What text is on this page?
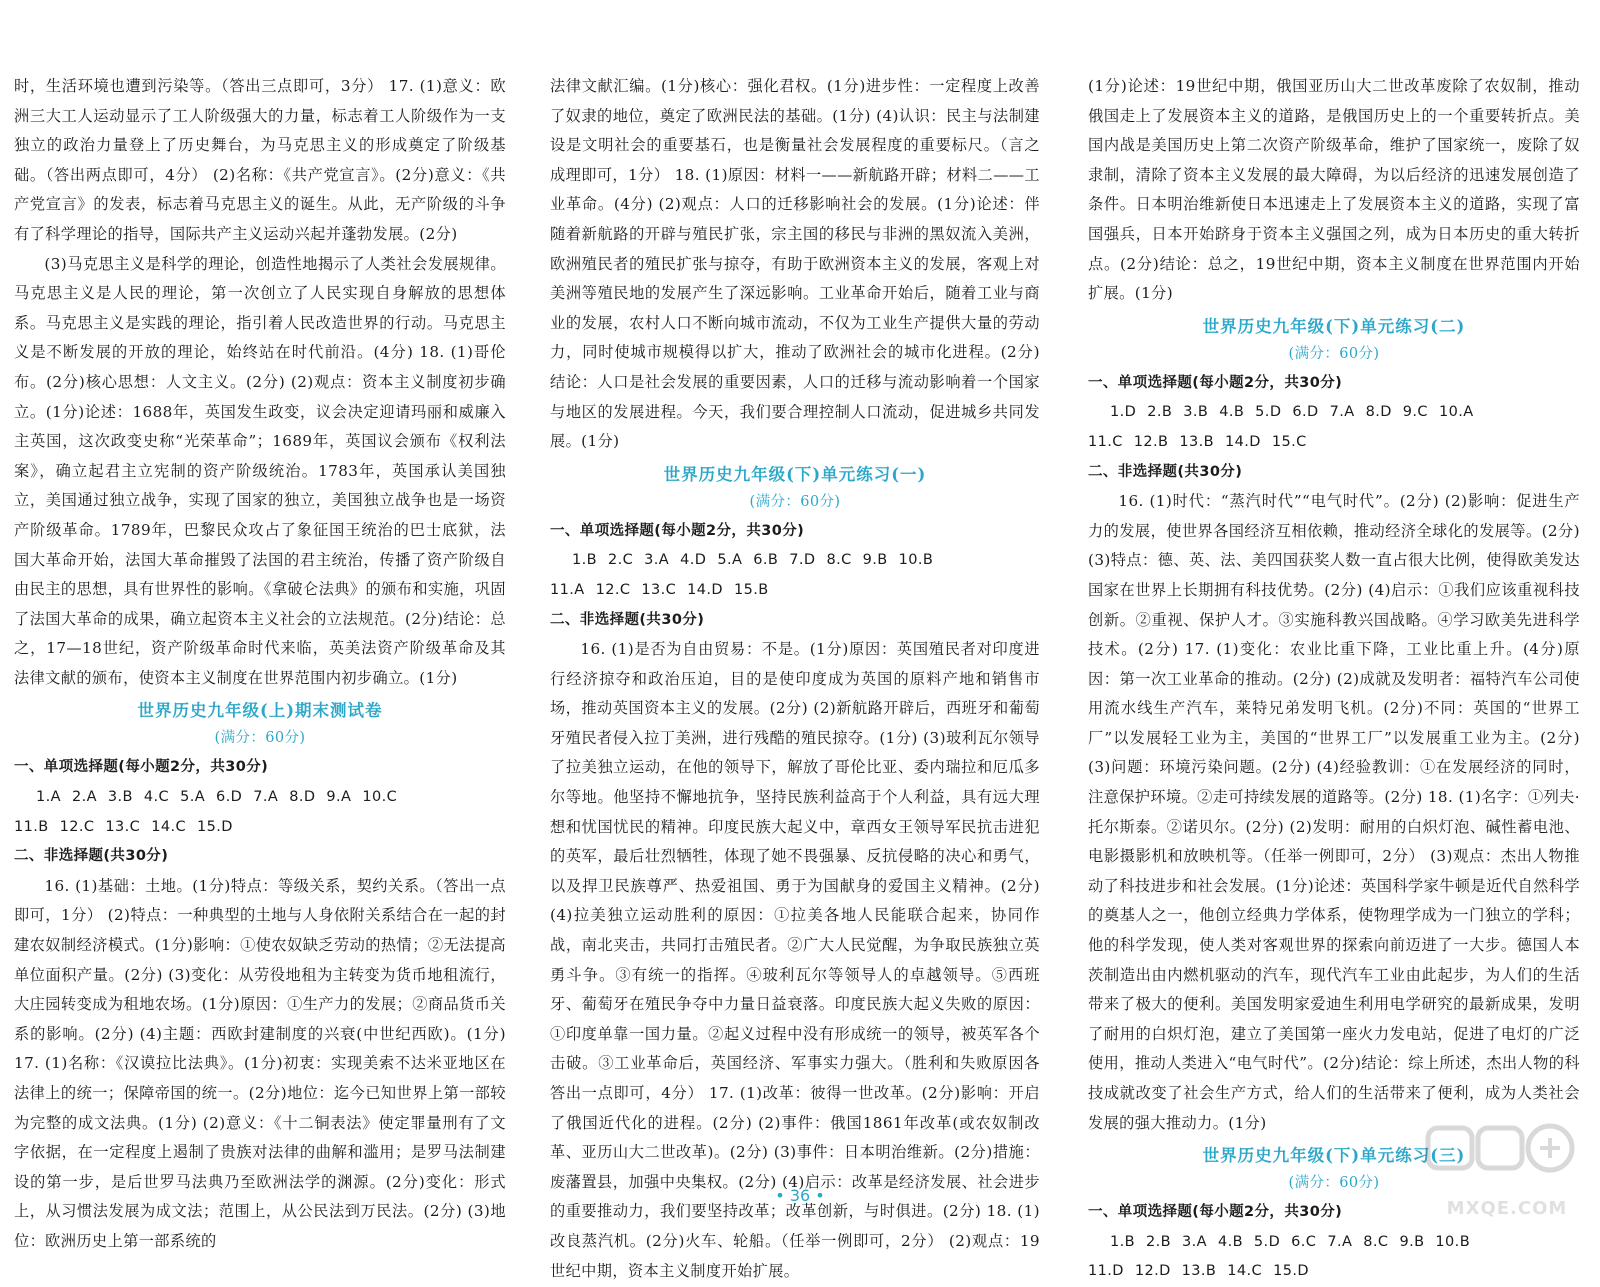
时，生活环境也遭到污染等。（答出三点即可，3分） 17. (1)意义：欧洲三大工人运动显示了工人阶级强大的力量，标志着工人阶级作为一支独立的政治力量登上了历史舞台，为马克思主义的形成奠定了阶级基础。（答出两点即可，4分） (2)名称：《共产党宣言》。(2分)意义：《共产党宣言》的发表，标志着马克思主义的诞生。从此，无产阶级的斗争有了科学理论的指导，国际共产主义运动兴起并蓬勃发展。(2分)

(3)马克思主义是科学的理论，创造性地揭示了人类社会发展规律。马克思主义是人民的理论，第一次创立了人民实现自身解放的思想体系。马克思主义是实践的理论，指引着人民改造世界的行动。马克思主义是不断发展的开放的理论，始终站在时代前沿。(4分) 18. (1)哥伦布。(2分)核心思想：人文主义。(2分) (2)观点：资本主义制度初步确立。(1分)论述：1688年，英国发生政变，议会决定迎请玛丽和威廉入主英国，这次政变史称“光荣革命”；1689年，英国议会颁布《权利法案》，确立起君主立宪制的资产阶级统治。1783年，英国承认美国独立，美国通过独立战争，实现了国家的独立，美国独立战争也是一场资产阶级革命。1789年，巴黎民众攻占了象征国王统治的巴士底狱，法国大革命开始，法国大革命摧毁了法国的君主统治，传播了资产阶级自由民主的思想，具有世界性的影响。《拿破仑法典》的颁布和实施，巩固了法国大革命的成果，确立起资本主义社会的立法规范。(2分)结论：总之，17—18世纪，资产阶级革命时代来临，英美法资产阶级革命及其法律文献的颁布，使资本主义制度在世界范围内初步确立。(1分)

世界历史九年级(上)期末测试卷
(满分：60分)

一、单项选择题(每小题2分，共30分)

1.A 2.A 3.B 4.C 5.A 6.D 7.A 8.D 9.A 10.C

11.B 12.C 13.C 14.C 15.D

二、非选择题(共30分)

16. (1)基础：土地。(1分)特点：等级关系，契约关系。（答出一点即可，1分） (2)特点：一种典型的土地与人身依附关系结合在一起的封建农奴制经济模式。(1分)影响：①使农奴缺乏劳动的热情；②无法提高单位面积产量。(2分) (3)变化：从劳役地租为主转变为货币地租流行，大庄园转变成为租地农场。(1分)原因：①生产力的发展；②商品货币关系的影响。(2分) (4)主题：西欧封建制度的兴衰(中世纪西欧)。(1分) 17. (1)名称：《汉谟拉比法典》。(1分)初衷：实现美索不达米亚地区在法律上的统一；保障帝国的统一。(2分)地位：迄今已知世界上第一部较为完整的成文法典。(1分) (2)意义：《十二铜表法》使定罪量刑有了文字依据，在一定程度上遏制了贵族对法律的曲解和滥用；是罗马法制建设的第一步，是后世罗马法典乃至欧洲法学的渊源。(2分)变化：形式上，从习惯法发展为成文法；范围上，从公民法到万民法。(2分) (3)地位：欧洲历史上第一部系统的

法律文献汇编。(1分)核心：强化君权。(1分)进步性：一定程度上改善了奴隶的地位，奠定了欧洲民法的基础。(1分) (4)认识：民主与法制建设是文明社会的重要基石，也是衡量社会发展程度的重要标尺。（言之成理即可，1分） 18. (1)原因：材料一——新航路开辟；材料二——工业革命。(4分) (2)观点：人口的迁移影响社会的发展。(1分)论述：伴随着新航路的开辟与殖民扩张，宗主国的移民与非洲的黑奴流入美洲，欧洲殖民者的殖民扩张与掠夺，有助于欧洲资本主义的发展，客观上对美洲等殖民地的发展产生了深远影响。工业革命开始后，随着工业与商业的发展，农村人口不断向城市流动，不仅为工业生产提供大量的劳动力，同时使城市规模得以扩大，推动了欧洲社会的城市化进程。(2分)结论：人口是社会发展的重要因素，人口的迁移与流动影响着一个国家与地区的发展进程。今天，我们要合理控制人口流动，促进城乡共同发展。(1分)

世界历史九年级(下)单元练习(一)
(满分：60分)

一、单项选择题(每小题2分，共30分)

1.B 2.C 3.A 4.D 5.A 6.B 7.D 8.C 9.B 10.B

11.A 12.C 13.C 14.D 15.B

二、非选择题(共30分)

16. (1)是否为自由贸易：不是。(1分)原因：英国殖民者对印度进行经济掠夺和政治压迫，目的是使印度成为英国的原料产地和销售市场，推动英国资本主义的发展。(2分) (2)新航路开辟后，西班牙和葡萄牙殖民者侵入拉丁美洲，进行残酷的殖民掠夺。(1分) (3)玻利瓦尔领导了拉美独立运动，在他的领导下，解放了哥伦比亚、委内瑞拉和厄瓜多尔等地。他坚持不懈地抗争，坚持民族利益高于个人利益，具有远大理想和忧国忧民的精神。印度民族大起义中，章西女王领导军民抗击进犯的英军，最后壮烈牺牲，体现了她不畏强暴、反抗侵略的决心和勇气，以及捍卫民族尊严、热爱祖国、勇于为国献身的爱国主义精神。(2分) (4)拉美独立运动胜利的原因：①拉美各地人民能联合起来，协同作战，南北夹击，共同打击殖民者。②广大人民觉醒，为争取民族独立英勇斗争。③有统一的指挥。④玻利瓦尔等领导人的卓越领导。⑤西班牙、葡萄牙在殖民争夺中力量日益衰落。印度民族大起义失败的原因：①印度单靠一国力量。②起义过程中没有形成统一的领导，被英军各个击破。③工业革命后，英国经济、军事实力强大。（胜利和失败原因各答出一点即可，4分） 17. (1)改革：彼得一世改革。(2分)影响：开启了俄国近代化的进程。(2分) (2)事件：俄国1861年改革(或农奴制改革、亚历山大二世改革)。(2分) (3)事件：日本明治维新。(2分)措施：废藩置县，加强中央集权。(2分) (4)启示：改革是经济发展、社会进步的重要推动力，我们要坚持改革；改革创新，与时俱进。(2分) 18. (1)改良蒸汽机。(2分)火车、轮船。（任举一例即可，2分） (2)观点：19世纪中期，资本主义制度开始扩展。

(1分)论述：19世纪中期，俄国亚历山大二世改革废除了农奴制，推动俄国走上了发展资本主义的道路，是俄国历史上的一个重要转折点。美国内战是美国历史上第二次资产阶级革命，维护了国家统一，废除了奴隶制，清除了资本主义发展的最大障碍，为以后经济的迅速发展创造了条件。日本明治维新使日本迅速走上了发展资本主义的道路，实现了富国强兵，日本开始跻身于资本主义强国之列，成为日本历史的重大转折点。(2分)结论：总之，19世纪中期，资本主义制度在世界范围内开始扩展。(1分)

世界历史九年级(下)单元练习(二)
(满分：60分)

一、单项选择题(每小题2分，共30分)

1.D 2.B 3.B 4.B 5.D 6.D 7.A 8.D 9.C 10.A

11.C 12.B 13.B 14.D 15.C

二、非选择题(共30分)

16. (1)时代：“蒸汽时代”“电气时代”。(2分) (2)影响：促进生产力的发展，使世界各国经济互相依赖，推动经济全球化的发展等。(2分) (3)特点：德、英、法、美四国获奖人数一直占很大比例，使得欧美发达国家在世界上长期拥有科技优势。(2分) (4)启示：①我们应该重视科技创新。②重视、保护人才。③实施科教兴国战略。④学习欧美先进科学技术。(2分) 17. (1)变化：农业比重下降，工业比重上升。(4分)原因：第一次工业革命的推动。(2分) (2)成就及发明者：福特汽车公司使用流水线生产汽车，莱特兄弟发明飞机。(2分)不同：英国的“世界工厂”以发展轻工业为主，美国的“世界工厂”以发展重工业为主。(2分) (3)问题：环境污染问题。(2分) (4)经验教训：①在发展经济的同时，注意保护环境。②走可持续发展的道路等。(2分) 18. (1)名字：①列夫·托尔斯泰。②诺贝尔。(2分) (2)发明：耐用的白炽灯泡、碱性蓄电池、电影摄影机和放映机等。（任举一例即可，2分） (3)观点：杰出人物推动了科技进步和社会发展。(1分)论述：英国科学家牛顿是近代自然科学的奠基人之一，他创立经典力学体系，使物理学成为一门独立的学科；他的科学发现，使人类对客观世界的探索向前迈进了一大步。德国人本茨制造出由内燃机驱动的汽车，现代汽车工业由此起步，为人们的生活带来了极大的便利。美国发明家爱迪生利用电学研究的最新成果，发明了耐用的白炽灯泡，建立了美国第一座火力发电站，促进了电灯的广泛使用，推动人类进入“电气时代”。(2分)结论：综上所述，杰出人物的科技成就改变了社会生产方式，给人们的生活带来了便利，成为人类社会发展的强大推动力。(1分)

世界历史九年级(下)单元练习(三)
(满分：60分)

一、单项选择题(每小题2分，共30分)

1.B 2.B 3.A 4.B 5.D 6.C 7.A 8.C 9.B 10.B

11.D 12.D 13.B 14.C 15.D

• 36 •
MXQE.COM
